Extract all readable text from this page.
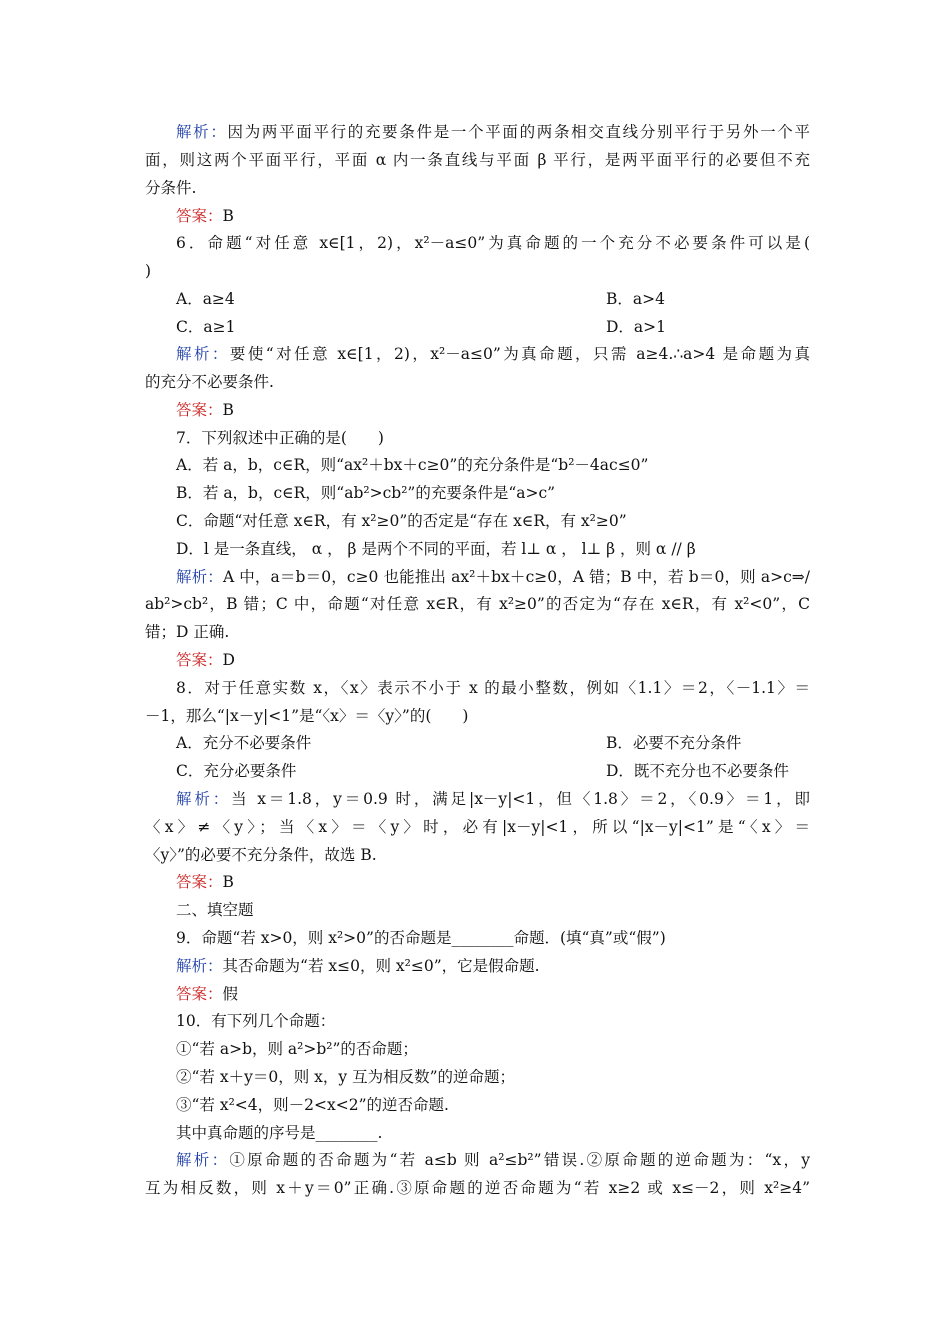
解析：因为两平面平行的充要条件是一个平面的两条相交直线分别平行于另外一个平
面，则这两个平面平行，平面 α 内一条直线与平面 β 平行，是两平面平行的必要但不充
分条件.
答案：B
6．命题“对任意 x∈[1，2)，x²－a≤0”为真命题的一个充分不必要条件可以是(
)
A．a≥4	B．a>4
C．a≥1	D．a>1
解析：要使“对任意 x∈[1，2)，x²－a≤0”为真命题，只需 a≥4.∴a>4 是命题为真
的充分不必要条件.
答案：B
7．下列叙述中正确的是(　　)
A．若 a，b，c∈R，则“ax²＋bx＋c≥0”的充分条件是“b²－4ac≤0”
B．若 a，b，c∈R，则“ab²>cb²”的充要条件是“a>c”
C．命题“对任意 x∈R，有 x²≥0”的否定是“存在 x∈R，有 x²≥0”
D．l 是一条直线， α ， β 是两个不同的平面，若 l⊥ α ， l⊥ β ，则 α // β
解析：A 中，a＝b＝0，c≥0 也能推出 ax²＋bx＋c≥0，A 错；B 中，若 b＝0，则 a>c⇒/
ab²>cb²，B 错；C 中，命题“对任意 x∈R，有 x²≥0”的否定为“存在 x∈R，有 x²<0”，C
错；D 正确.
答案：D
8．对于任意实数 x，〈x〉表示不小于 x 的最小整数，例如〈1.1〉＝2，〈－1.1〉＝
－1，那么“|x－y|<1”是“〈x〉＝〈y〉”的(　　)
A．充分不必要条件	B．必要不充分条件
C．充分必要条件	D．既不充分也不必要条件
解析：当 x＝1.8，y＝0.9 时，满足|x－y|<1，但〈1.8〉＝2，〈0.9〉＝1，即
〈x〉≠〈y〉；当〈x〉＝〈y〉时，必有|x－y|<1，所以“|x－y|<1”是“〈x〉＝
〈y〉”的必要不充分条件，故选 B.
答案：B
二、填空题
9．命题“若 x>0，则 x²>0”的否命题是________命题．(填“真”或“假”)
解析：其否命题为“若 x≤0，则 x²≤0”，它是假命题.
答案：假
10．有下列几个命题：
①“若 a>b，则 a²>b²”的否命题；
②“若 x＋y＝0，则 x，y 互为相反数”的逆命题；
③“若 x²<4，则－2<x<2”的逆否命题.
其中真命题的序号是________.
解析：①原命题的否命题为“若 a≤b 则 a²≤b²”错误.②原命题的逆命题为：“x，y
互为相反数，则 x＋y＝0”正确.③原命题的逆否命题为“若 x≥2 或 x≤－2，则 x²≥4”
